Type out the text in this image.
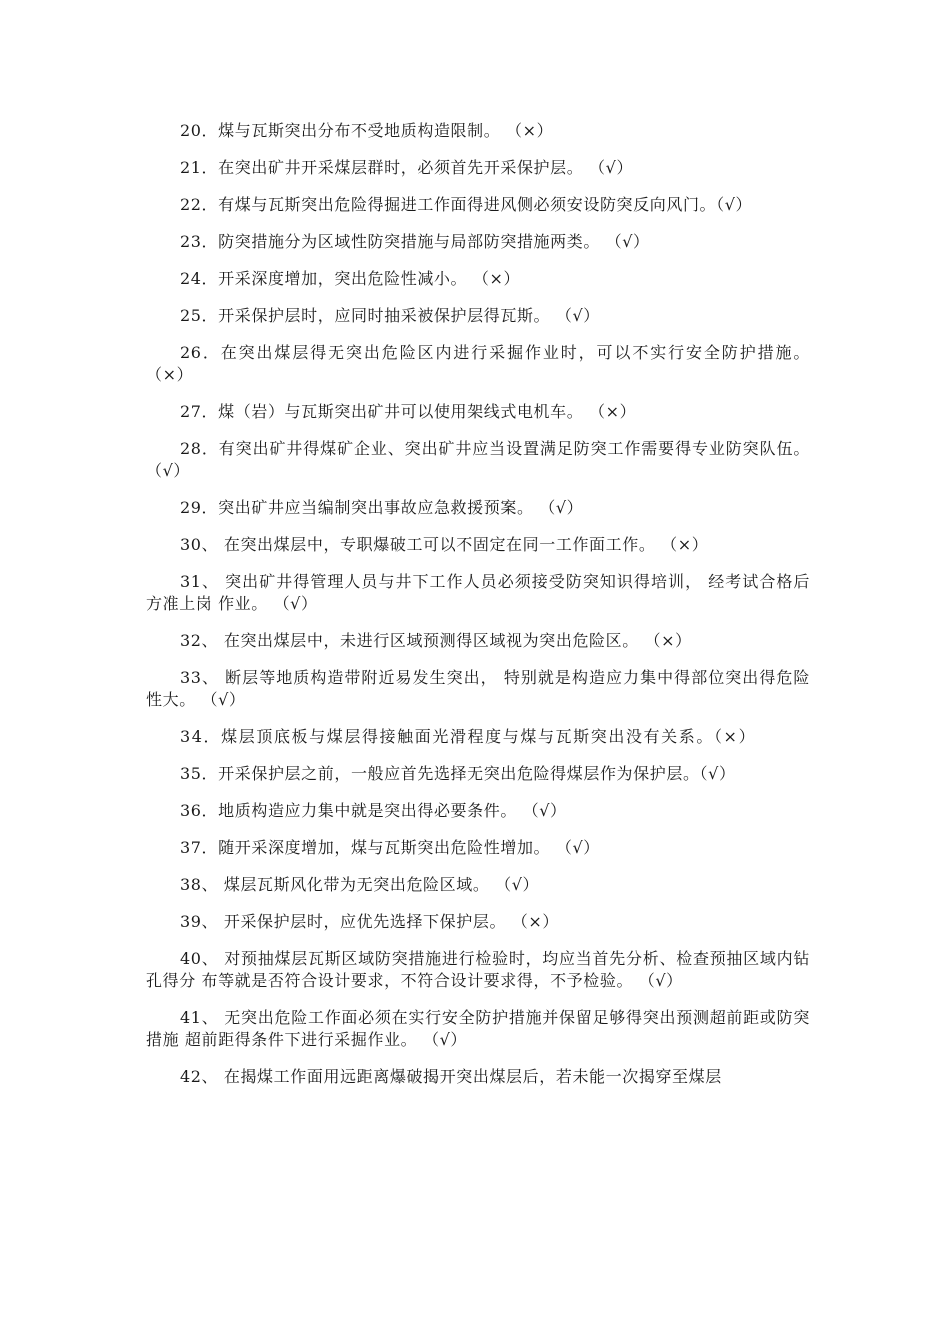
20．煤与瓦斯突出分布不受地质构造限制。 （×）

21．在突出矿井开采煤层群时，必须首先开采保护层。 （√）

22．有煤与瓦斯突出危险得掘进工作面得进风侧必须安设防突反向风门。（√）

23．防突措施分为区域性防突措施与局部防突措施两类。 （√）

24．开采深度增加，突出危险性减小。 （×）

25．开采保护层时，应同时抽采被保护层得瓦斯。 （√）

26．在突出煤层得无突出危险区内进行采掘作业时，可以不实行安全防护措施。 （×）

27．煤（岩）与瓦斯突出矿井可以使用架线式电机车。 （×）

28．有突出矿井得煤矿企业、突出矿井应当设置满足防突工作需要得专业防突队伍。 （√）

29．突出矿井应当编制突出事故应急救援预案。 （√）

30、 在突出煤层中，专职爆破工可以不固定在同一工作面工作。 （×）

31、 突出矿井得管理人员与井下工作人员必须接受防突知识得培训， 经考试合格后方准上岗 作业。 （√）

32、 在突出煤层中，未进行区域预测得区域视为突出危险区。 （×）

33、 断层等地质构造带附近易发生突出， 特别就是构造应力集中得部位突出得危险性大。 （√）

34．煤层顶底板与煤层得接触面光滑程度与煤与瓦斯突出没有关系。（×）

35．开采保护层之前，一般应首先选择无突出危险得煤层作为保护层。（√）

36．地质构造应力集中就是突出得必要条件。 （√）

37．随开采深度增加，煤与瓦斯突出危险性增加。 （√）

38、 煤层瓦斯风化带为无突出危险区域。 （√）

39、 开采保护层时，应优先选择下保护层。 （×）

40、 对预抽煤层瓦斯区域防突措施进行检验时，均应当首先分析、检查预抽区域内钻孔得分 布等就是否符合设计要求，不符合设计要求得，不予检验。 （√）

41、 无突出危险工作面必须在实行安全防护措施并保留足够得突出预测超前距或防突措施 超前距得条件下进行采掘作业。 （√）

42、 在揭煤工作面用远距离爆破揭开突出煤层后，若未能一次揭穿至煤层
